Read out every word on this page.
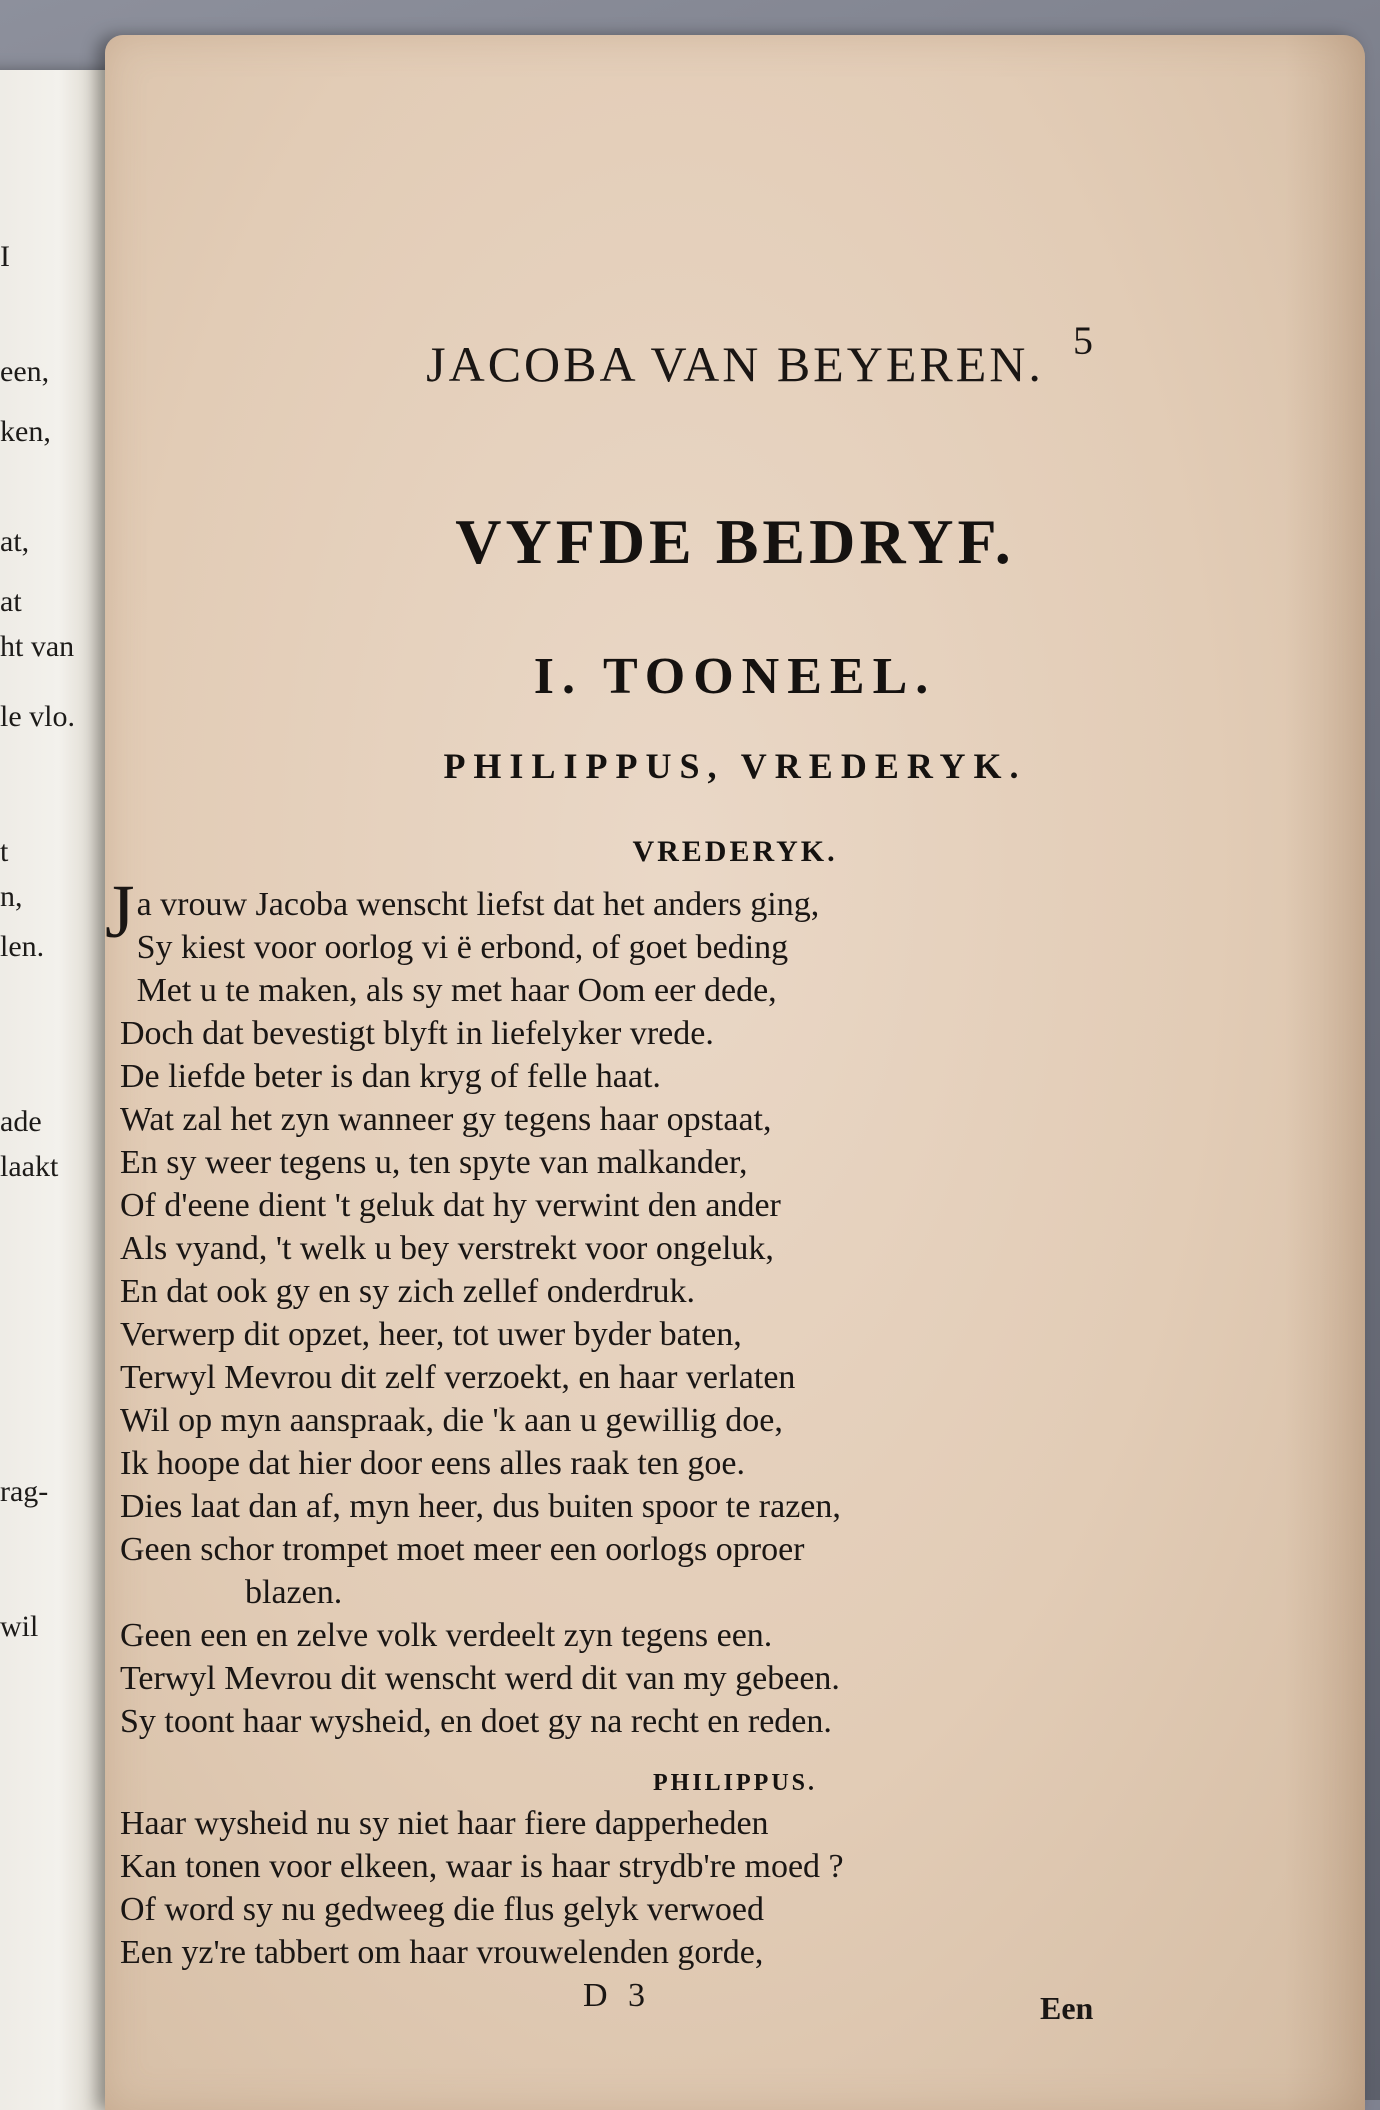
I

een,

ken,

at,

at

ht van

le vlo.

t

n,

len.

ade

laakt

rag-

wil

JACOBA VAN BEYEREN. 5

VYFDE BEDRYF.
I. TOONEEL.

PHILIPPUS, VREDERYK.

VREDERYK.

Ja vrouw Jacoba wenscht liefst dat het anders ging,
Sy kiest voor oorlog vi ë erbond, of goet beding
Met u te maken, als sy met haar Oom eer dede,
Doch dat bevestigt blyft in liefelyker vrede.
De liefde beter is dan kryg of felle haat.
Wat zal het zyn wanneer gy tegens haar opstaat,
En sy weer tegens u, ten spyte van malkander,
Of d'eene dient 't geluk dat hy verwint den ander
Als vyand, 't welk u bey verstrekt voor ongeluk,
En dat ook gy en sy zich zellef onderdruk.
Verwerp dit opzet, heer, tot uwer byder baten,
Terwyl Mevrou dit zelf verzoekt, en haar verlaten
Wil op myn aanspraak, die 'k aan u gewillig doe,
Ik hoope dat hier door eens alles raak ten goe.
Dies laat dan af, myn heer, dus buiten spoor te razen,
Geen schor trompet moet meer een oorlogs oproer
blazen.
Geen een en zelve volk verdeelt zyn tegens een.
Terwyl Mevrou dit wenscht werd dit van my gebeen.
Sy toont haar wysheid, en doet gy na recht en reden.

PHILIPPUS.

Haar wysheid nu sy niet haar fiere dapperheden
Kan tonen voor elkeen, waar is haar strydb're moed ?
Of word sy nu gedweeg die flus gelyk verwoed
Een yz're tabbert om haar vrouwelenden gorde,

D 3	Een
